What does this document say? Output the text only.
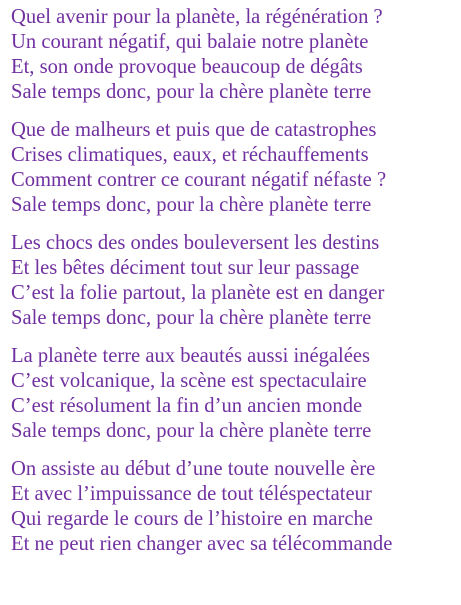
Quel avenir pour la planète, la régénération ?
Un courant négatif, qui balaie notre planète
Et, son onde provoque beaucoup de dégâts
Sale temps donc, pour la chère planète terre
Que de malheurs et puis que de catastrophes
Crises climatiques, eaux, et réchauffements
Comment contrer ce courant négatif néfaste ?
Sale temps donc, pour la chère planète terre
Les chocs des ondes bouleversent les destins
Et les bêtes déciment tout sur leur passage
C’est la folie partout, la planète est en danger
Sale temps donc, pour la chère planète terre
La planète terre aux beautés aussi inégalées
C’est volcanique, la scène est spectaculaire
C’est résolument la fin d’un ancien monde
Sale temps donc, pour la chère planète terre
On assiste au début d’une toute nouvelle ère
Et avec l’impuissance de tout téléspectateur
Qui regarde le cours de l’histoire en marche
Et ne peut rien changer avec sa télécommande
